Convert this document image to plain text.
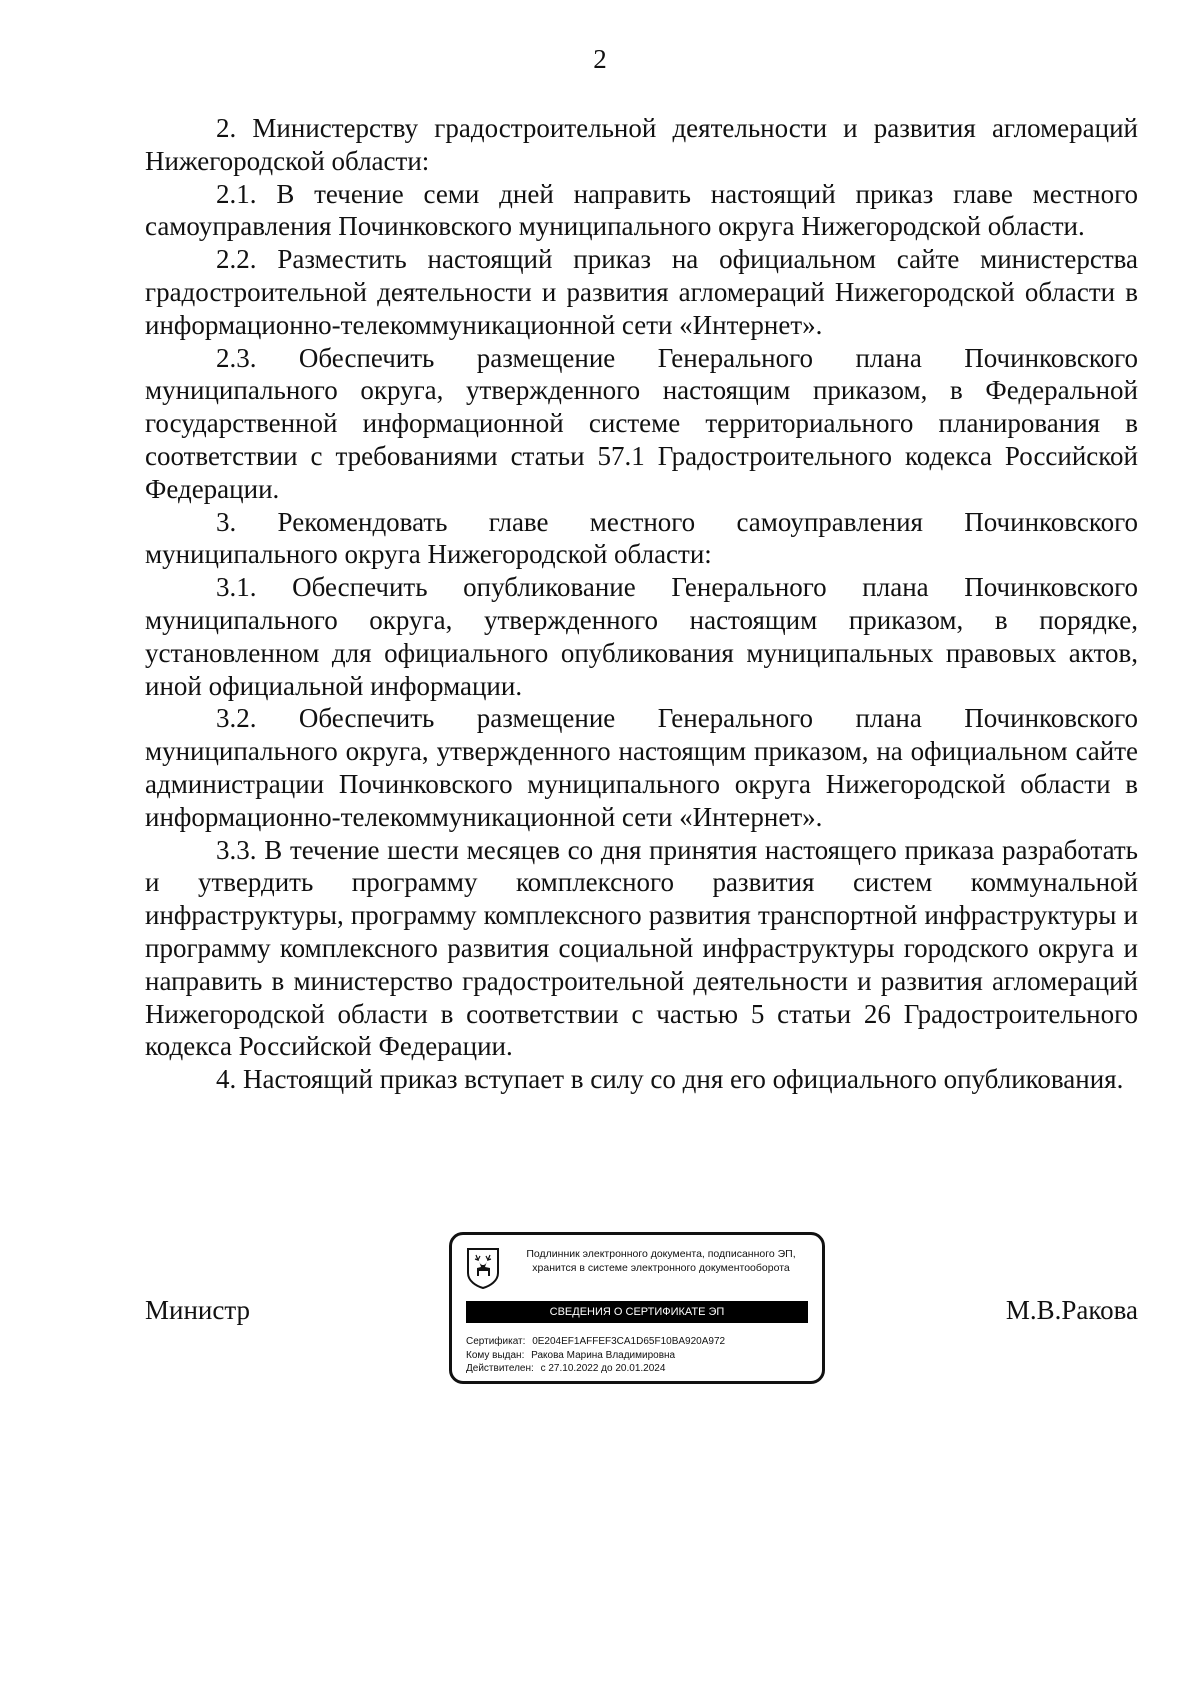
2

2. Министерству градостроительной деятельности и развития агломераций Нижегородской области:

2.1. В течение семи дней направить настоящий приказ главе местного самоуправления Починковского муниципального округа Нижегородской области.

2.2. Разместить настоящий приказ на официальном сайте министерства градостроительной деятельности и развития агломераций Нижегородской области в информационно-телекоммуникационной сети «Интернет».

2.3. Обеспечить размещение Генерального плана Починковского муниципального округа, утвержденного настоящим приказом, в Федеральной государственной информационной системе территориального планирования в соответствии с требованиями статьи 57.1 Градостроительного кодекса Российской Федерации.

3. Рекомендовать главе местного самоуправления Починковского муниципального округа Нижегородской области:

3.1. Обеспечить опубликование Генерального плана Починковского муниципального округа, утвержденного настоящим приказом, в порядке, установленном для официального опубликования муниципальных правовых актов, иной официальной информации.

3.2. Обеспечить размещение Генерального плана Починковского муниципального округа, утвержденного настоящим приказом, на официальном сайте администрации Починковского муниципального округа Нижегородской области в информационно-телекоммуникационной сети «Интернет».

3.3. В течение шести месяцев со дня принятия настоящего приказа разработать и утвердить программу комплексного развития систем коммунальной инфраструктуры, программу комплексного развития транспортной инфраструктуры и программу комплексного развития социальной инфраструктуры городского округа и направить в министерство градостроительной деятельности и развития агломераций Нижегородской области в соответствии с частью 5 статьи 26 Градостроительного кодекса Российской Федерации.

4. Настоящий приказ вступает в силу со дня его официального опубликования.

Министр
Подлинник электронного документа, подписанного ЭП,
хранится в системе электронного документооборота
СВЕДЕНИЯ О СЕРТИФИКАТЕ ЭП
Сертификат: 0E204EF1AFFEF3CA1D65F10BA920A972
Кому выдан: Ракова Марина Владимировна
Действителен: с 27.10.2022 до 20.01.2024
М.В.Ракова
